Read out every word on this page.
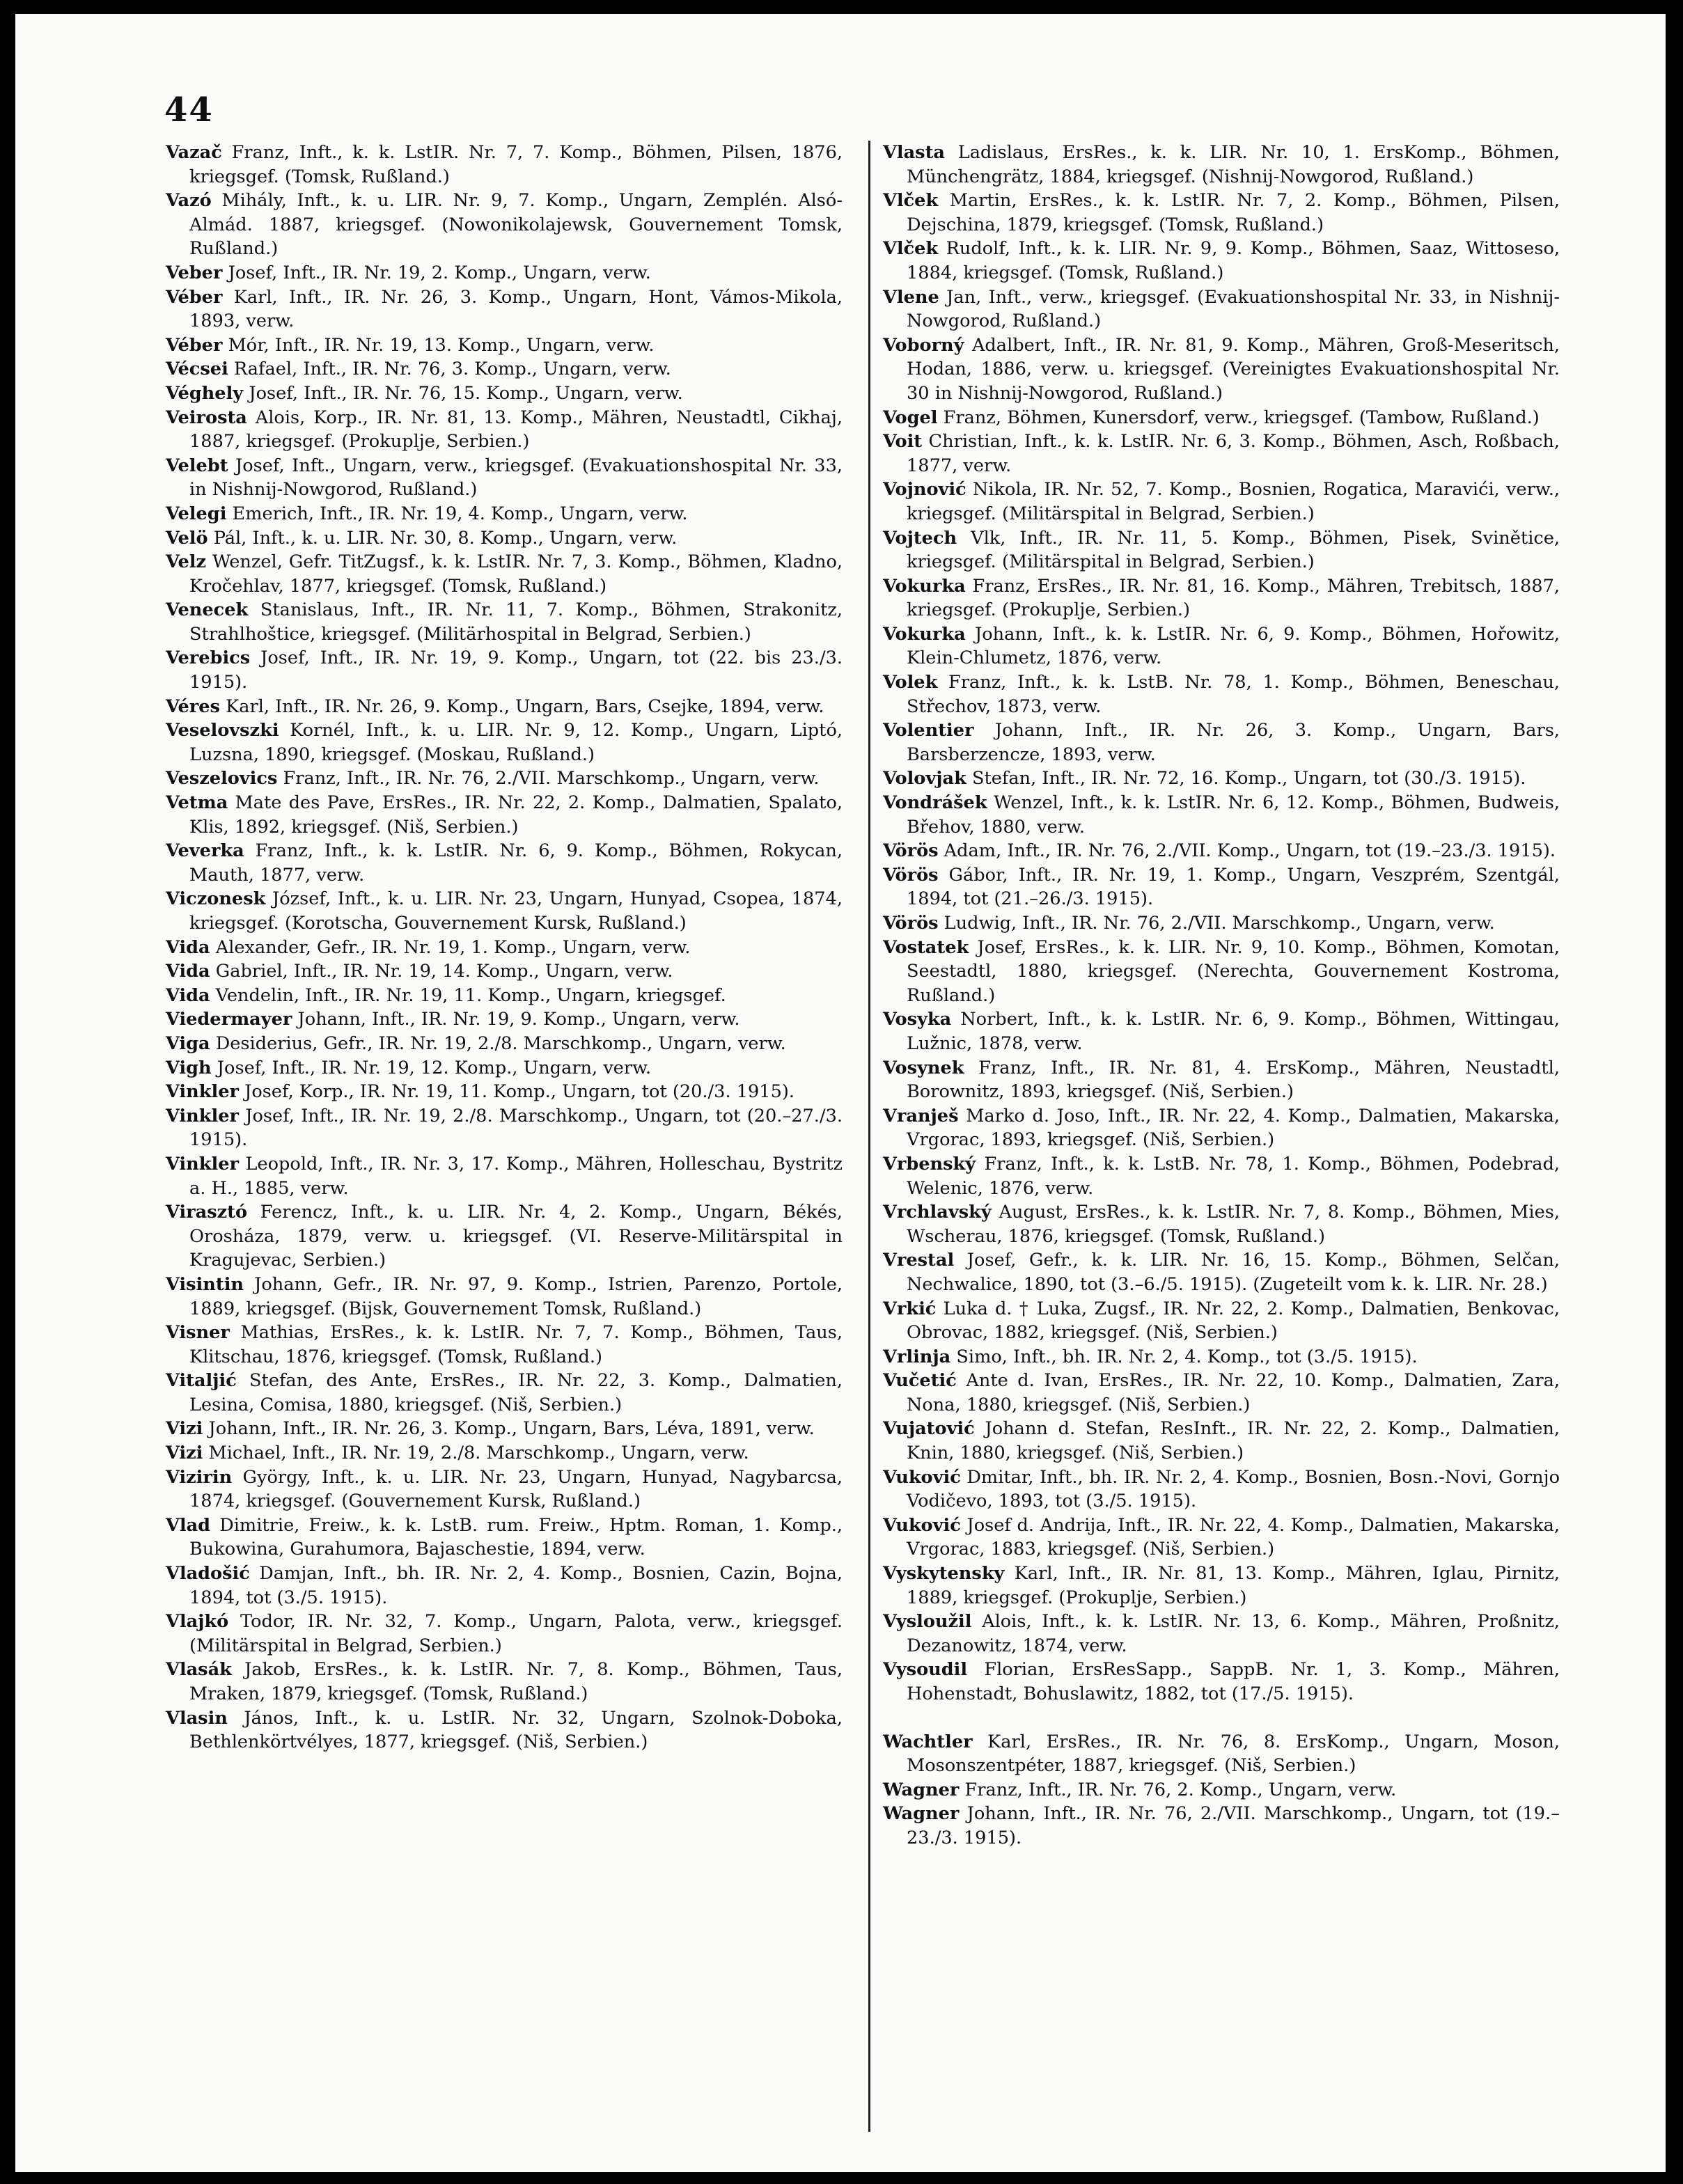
44

Vazač Franz, Inft., k. k. LstIR. Nr. 7, 7. Komp., Böhmen, Pilsen, 1876, kriegsgef. (Tomsk, Rußland.)

Vazó Mihály, Inft., k. u. LIR. Nr. 9, 7. Komp., Ungarn, Zemplén. Alsó-Almád. 1887, kriegsgef. (Nowonikolajewsk, Gouvernement Tomsk, Rußland.)

Veber Josef, Inft., IR. Nr. 19, 2. Komp., Ungarn, verw.

Véber Karl, Inft., IR. Nr. 26, 3. Komp., Ungarn, Hont, Vámos-Mikola, 1893, verw.

Véber Mór, Inft., IR. Nr. 19, 13. Komp., Ungarn, verw.

Vécsei Rafael, Inft., IR. Nr. 76, 3. Komp., Ungarn, verw.

Véghely Josef, Inft., IR. Nr. 76, 15. Komp., Ungarn, verw.

Veirosta Alois, Korp., IR. Nr. 81, 13. Komp., Mähren, Neustadtl, Cikhaj, 1887, kriegsgef. (Prokuplje, Serbien.)

Velebt Josef, Inft., Ungarn, verw., kriegsgef. (Evakuationshospital Nr. 33, in Nishnij-Nowgorod, Rußland.)

Velegi Emerich, Inft., IR. Nr. 19, 4. Komp., Ungarn, verw.

Velö Pál, Inft., k. u. LIR. Nr. 30, 8. Komp., Ungarn, verw.

Velz Wenzel, Gefr. TitZugsf., k. k. LstIR. Nr. 7, 3. Komp., Böhmen, Kladno, Kročehlav, 1877, kriegsgef. (Tomsk, Rußland.)

Venecek Stanislaus, Inft., IR. Nr. 11, 7. Komp., Böhmen, Strakonitz, Strahlhoštice, kriegsgef. (Militärhospital in Belgrad, Serbien.)

Verebics Josef, Inft., IR. Nr. 19, 9. Komp., Ungarn, tot (22. bis 23./3. 1915).

Véres Karl, Inft., IR. Nr. 26, 9. Komp., Ungarn, Bars, Csejke, 1894, verw.

Veselovszki Kornél, Inft., k. u. LIR. Nr. 9, 12. Komp., Ungarn, Liptó, Luzsna, 1890, kriegsgef. (Moskau, Rußland.)

Veszelovics Franz, Inft., IR. Nr. 76, 2./VII. Marschkomp., Ungarn, verw.

Vetma Mate des Pave, ErsRes., IR. Nr. 22, 2. Komp., Dalmatien, Spalato, Klis, 1892, kriegsgef. (Niš, Serbien.)

Veverka Franz, Inft., k. k. LstIR. Nr. 6, 9. Komp., Böhmen, Rokycan, Mauth, 1877, verw.

Viczonesk József, Inft., k. u. LIR. Nr. 23, Ungarn, Hunyad, Csopea, 1874, kriegsgef. (Korotscha, Gouvernement Kursk, Rußland.)

Vida Alexander, Gefr., IR. Nr. 19, 1. Komp., Ungarn, verw.

Vida Gabriel, Inft., IR. Nr. 19, 14. Komp., Ungarn, verw.

Vida Vendelin, Inft., IR. Nr. 19, 11. Komp., Ungarn, kriegsgef.

Viedermayer Johann, Inft., IR. Nr. 19, 9. Komp., Ungarn, verw.

Viga Desiderius, Gefr., IR. Nr. 19, 2./8. Marschkomp., Ungarn, verw.

Vigh Josef, Inft., IR. Nr. 19, 12. Komp., Ungarn, verw.

Vinkler Josef, Korp., IR. Nr. 19, 11. Komp., Ungarn, tot (20./3. 1915).

Vinkler Josef, Inft., IR. Nr. 19, 2./8. Marschkomp., Ungarn, tot (20.–27./3. 1915).

Vinkler Leopold, Inft., IR. Nr. 3, 17. Komp., Mähren, Holleschau, Bystritz a. H., 1885, verw.

Virasztó Ferencz, Inft., k. u. LIR. Nr. 4, 2. Komp., Ungarn, Békés, Orosháza, 1879, verw. u. kriegsgef. (VI. Reserve-Militärspital in Kragujevac, Serbien.)

Visintin Johann, Gefr., IR. Nr. 97, 9. Komp., Istrien, Parenzo, Portole, 1889, kriegsgef. (Bijsk, Gouvernement Tomsk, Rußland.)

Visner Mathias, ErsRes., k. k. LstIR. Nr. 7, 7. Komp., Böhmen, Taus, Klitschau, 1876, kriegsgef. (Tomsk, Rußland.)

Vitaljić Stefan, des Ante, ErsRes., IR. Nr. 22, 3. Komp., Dalmatien, Lesina, Comisa, 1880, kriegsgef. (Niš, Serbien.)

Vizi Johann, Inft., IR. Nr. 26, 3. Komp., Ungarn, Bars, Léva, 1891, verw.

Vizi Michael, Inft., IR. Nr. 19, 2./8. Marschkomp., Ungarn, verw.

Vizirin György, Inft., k. u. LIR. Nr. 23, Ungarn, Hunyad, Nagybarcsa, 1874, kriegsgef. (Gouvernement Kursk, Rußland.)

Vlad Dimitrie, Freiw., k. k. LstB. rum. Freiw., Hptm. Roman, 1. Komp., Bukowina, Gurahumora, Bajaschestie, 1894, verw.

Vladošić Damjan, Inft., bh. IR. Nr. 2, 4. Komp., Bosnien, Cazin, Bojna, 1894, tot (3./5. 1915).

Vlajkó Todor, IR. Nr. 32, 7. Komp., Ungarn, Palota, verw., kriegsgef. (Militärspital in Belgrad, Serbien.)

Vlasák Jakob, ErsRes., k. k. LstIR. Nr. 7, 8. Komp., Böhmen, Taus, Mraken, 1879, kriegsgef. (Tomsk, Rußland.)

Vlasin János, Inft., k. u. LstIR. Nr. 32, Ungarn, Szolnok-Doboka, Bethlenkörtvélyes, 1877, kriegsgef. (Niš, Serbien.)

Vlasta Ladislaus, ErsRes., k. k. LIR. Nr. 10, 1. ErsKomp., Böhmen, Münchengrätz, 1884, kriegsgef. (Nishnij-Nowgorod, Rußland.)

Vlček Martin, ErsRes., k. k. LstIR. Nr. 7, 2. Komp., Böhmen, Pilsen, Dejschina, 1879, kriegsgef. (Tomsk, Rußland.)

Vlček Rudolf, Inft., k. k. LIR. Nr. 9, 9. Komp., Böhmen, Saaz, Wittoseso, 1884, kriegsgef. (Tomsk, Rußland.)

Vlene Jan, Inft., verw., kriegsgef. (Evakuationshospital Nr. 33, in Nishnij-Nowgorod, Rußland.)

Voborný Adalbert, Inft., IR. Nr. 81, 9. Komp., Mähren, Groß-Meseritsch, Hodan, 1886, verw. u. kriegsgef. (Vereinigtes Evakuationshospital Nr. 30 in Nishnij-Nowgorod, Rußland.)

Vogel Franz, Böhmen, Kunersdorf, verw., kriegsgef. (Tambow, Rußland.)

Voit Christian, Inft., k. k. LstIR. Nr. 6, 3. Komp., Böhmen, Asch, Roßbach, 1877, verw.

Vojnović Nikola, IR. Nr. 52, 7. Komp., Bosnien, Rogatica, Maravići, verw., kriegsgef. (Militärspital in Belgrad, Serbien.)

Vojtech Vlk, Inft., IR. Nr. 11, 5. Komp., Böhmen, Pisek, Svinětice, kriegsgef. (Militärspital in Belgrad, Serbien.)

Vokurka Franz, ErsRes., IR. Nr. 81, 16. Komp., Mähren, Trebitsch, 1887, kriegsgef. (Prokuplje, Serbien.)

Vokurka Johann, Inft., k. k. LstIR. Nr. 6, 9. Komp., Böhmen, Hořowitz, Klein-Chlumetz, 1876, verw.

Volek Franz, Inft., k. k. LstB. Nr. 78, 1. Komp., Böhmen, Beneschau, Střechov, 1873, verw.

Volentier Johann, Inft., IR. Nr. 26, 3. Komp., Ungarn, Bars, Barsberzencze, 1893, verw.

Volovjak Stefan, Inft., IR. Nr. 72, 16. Komp., Ungarn, tot (30./3. 1915).

Vondrášek Wenzel, Inft., k. k. LstIR. Nr. 6, 12. Komp., Böhmen, Budweis, Břehov, 1880, verw.

Vörös Adam, Inft., IR. Nr. 76, 2./VII. Komp., Ungarn, tot (19.–23./3. 1915).

Vörös Gábor, Inft., IR. Nr. 19, 1. Komp., Ungarn, Veszprém, Szentgál, 1894, tot (21.–26./3. 1915).

Vörös Ludwig, Inft., IR. Nr. 76, 2./VII. Marschkomp., Ungarn, verw.

Vostatek Josef, ErsRes., k. k. LIR. Nr. 9, 10. Komp., Böhmen, Komotan, Seestadtl, 1880, kriegsgef. (Nerechta, Gouvernement Kostroma, Rußland.)

Vosyka Norbert, Inft., k. k. LstIR. Nr. 6, 9. Komp., Böhmen, Wittingau, Lužnic, 1878, verw.

Vosynek Franz, Inft., IR. Nr. 81, 4. ErsKomp., Mähren, Neustadtl, Borownitz, 1893, kriegsgef. (Niš, Serbien.)

Vranješ Marko d. Joso, Inft., IR. Nr. 22, 4. Komp., Dalmatien, Makarska, Vrgorac, 1893, kriegsgef. (Niš, Serbien.)

Vrbenský Franz, Inft., k. k. LstB. Nr. 78, 1. Komp., Böhmen, Podebrad, Welenic, 1876, verw.

Vrchlavský August, ErsRes., k. k. LstIR. Nr. 7, 8. Komp., Böhmen, Mies, Wscherau, 1876, kriegsgef. (Tomsk, Rußland.)

Vrestal Josef, Gefr., k. k. LIR. Nr. 16, 15. Komp., Böhmen, Selčan, Nechwalice, 1890, tot (3.–6./5. 1915). (Zugeteilt vom k. k. LIR. Nr. 28.)

Vrkić Luka d. † Luka, Zugsf., IR. Nr. 22, 2. Komp., Dalmatien, Benkovac, Obrovac, 1882, kriegsgef. (Niš, Serbien.)

Vrlinja Simo, Inft., bh. IR. Nr. 2, 4. Komp., tot (3./5. 1915).

Vučetić Ante d. Ivan, ErsRes., IR. Nr. 22, 10. Komp., Dalmatien, Zara, Nona, 1880, kriegsgef. (Niš, Serbien.)

Vujatović Johann d. Stefan, ResInft., IR. Nr. 22, 2. Komp., Dalmatien, Knin, 1880, kriegsgef. (Niš, Serbien.)

Vuković Dmitar, Inft., bh. IR. Nr. 2, 4. Komp., Bosnien, Bosn.-Novi, Gornjo Vodičevo, 1893, tot (3./5. 1915).

Vuković Josef d. Andrija, Inft., IR. Nr. 22, 4. Komp., Dalmatien, Makarska, Vrgorac, 1883, kriegsgef. (Niš, Serbien.)

Vyskytensky Karl, Inft., IR. Nr. 81, 13. Komp., Mähren, Iglau, Pirnitz, 1889, kriegsgef. (Prokuplje, Serbien.)

Vysloužil Alois, Inft., k. k. LstIR. Nr. 13, 6. Komp., Mähren, Proßnitz, Dezanowitz, 1874, verw.

Vysoudil Florian, ErsResSapp., SappB. Nr. 1, 3. Komp., Mähren, Hohenstadt, Bohuslawitz, 1882, tot (17./5. 1915).

Wachtler Karl, ErsRes., IR. Nr. 76, 8. ErsKomp., Ungarn, Moson, Mosonszentpéter, 1887, kriegsgef. (Niš, Serbien.)

Wagner Franz, Inft., IR. Nr. 76, 2. Komp., Ungarn, verw.

Wagner Johann, Inft., IR. Nr. 76, 2./VII. Marschkomp., Ungarn, tot (19.–23./3. 1915).
